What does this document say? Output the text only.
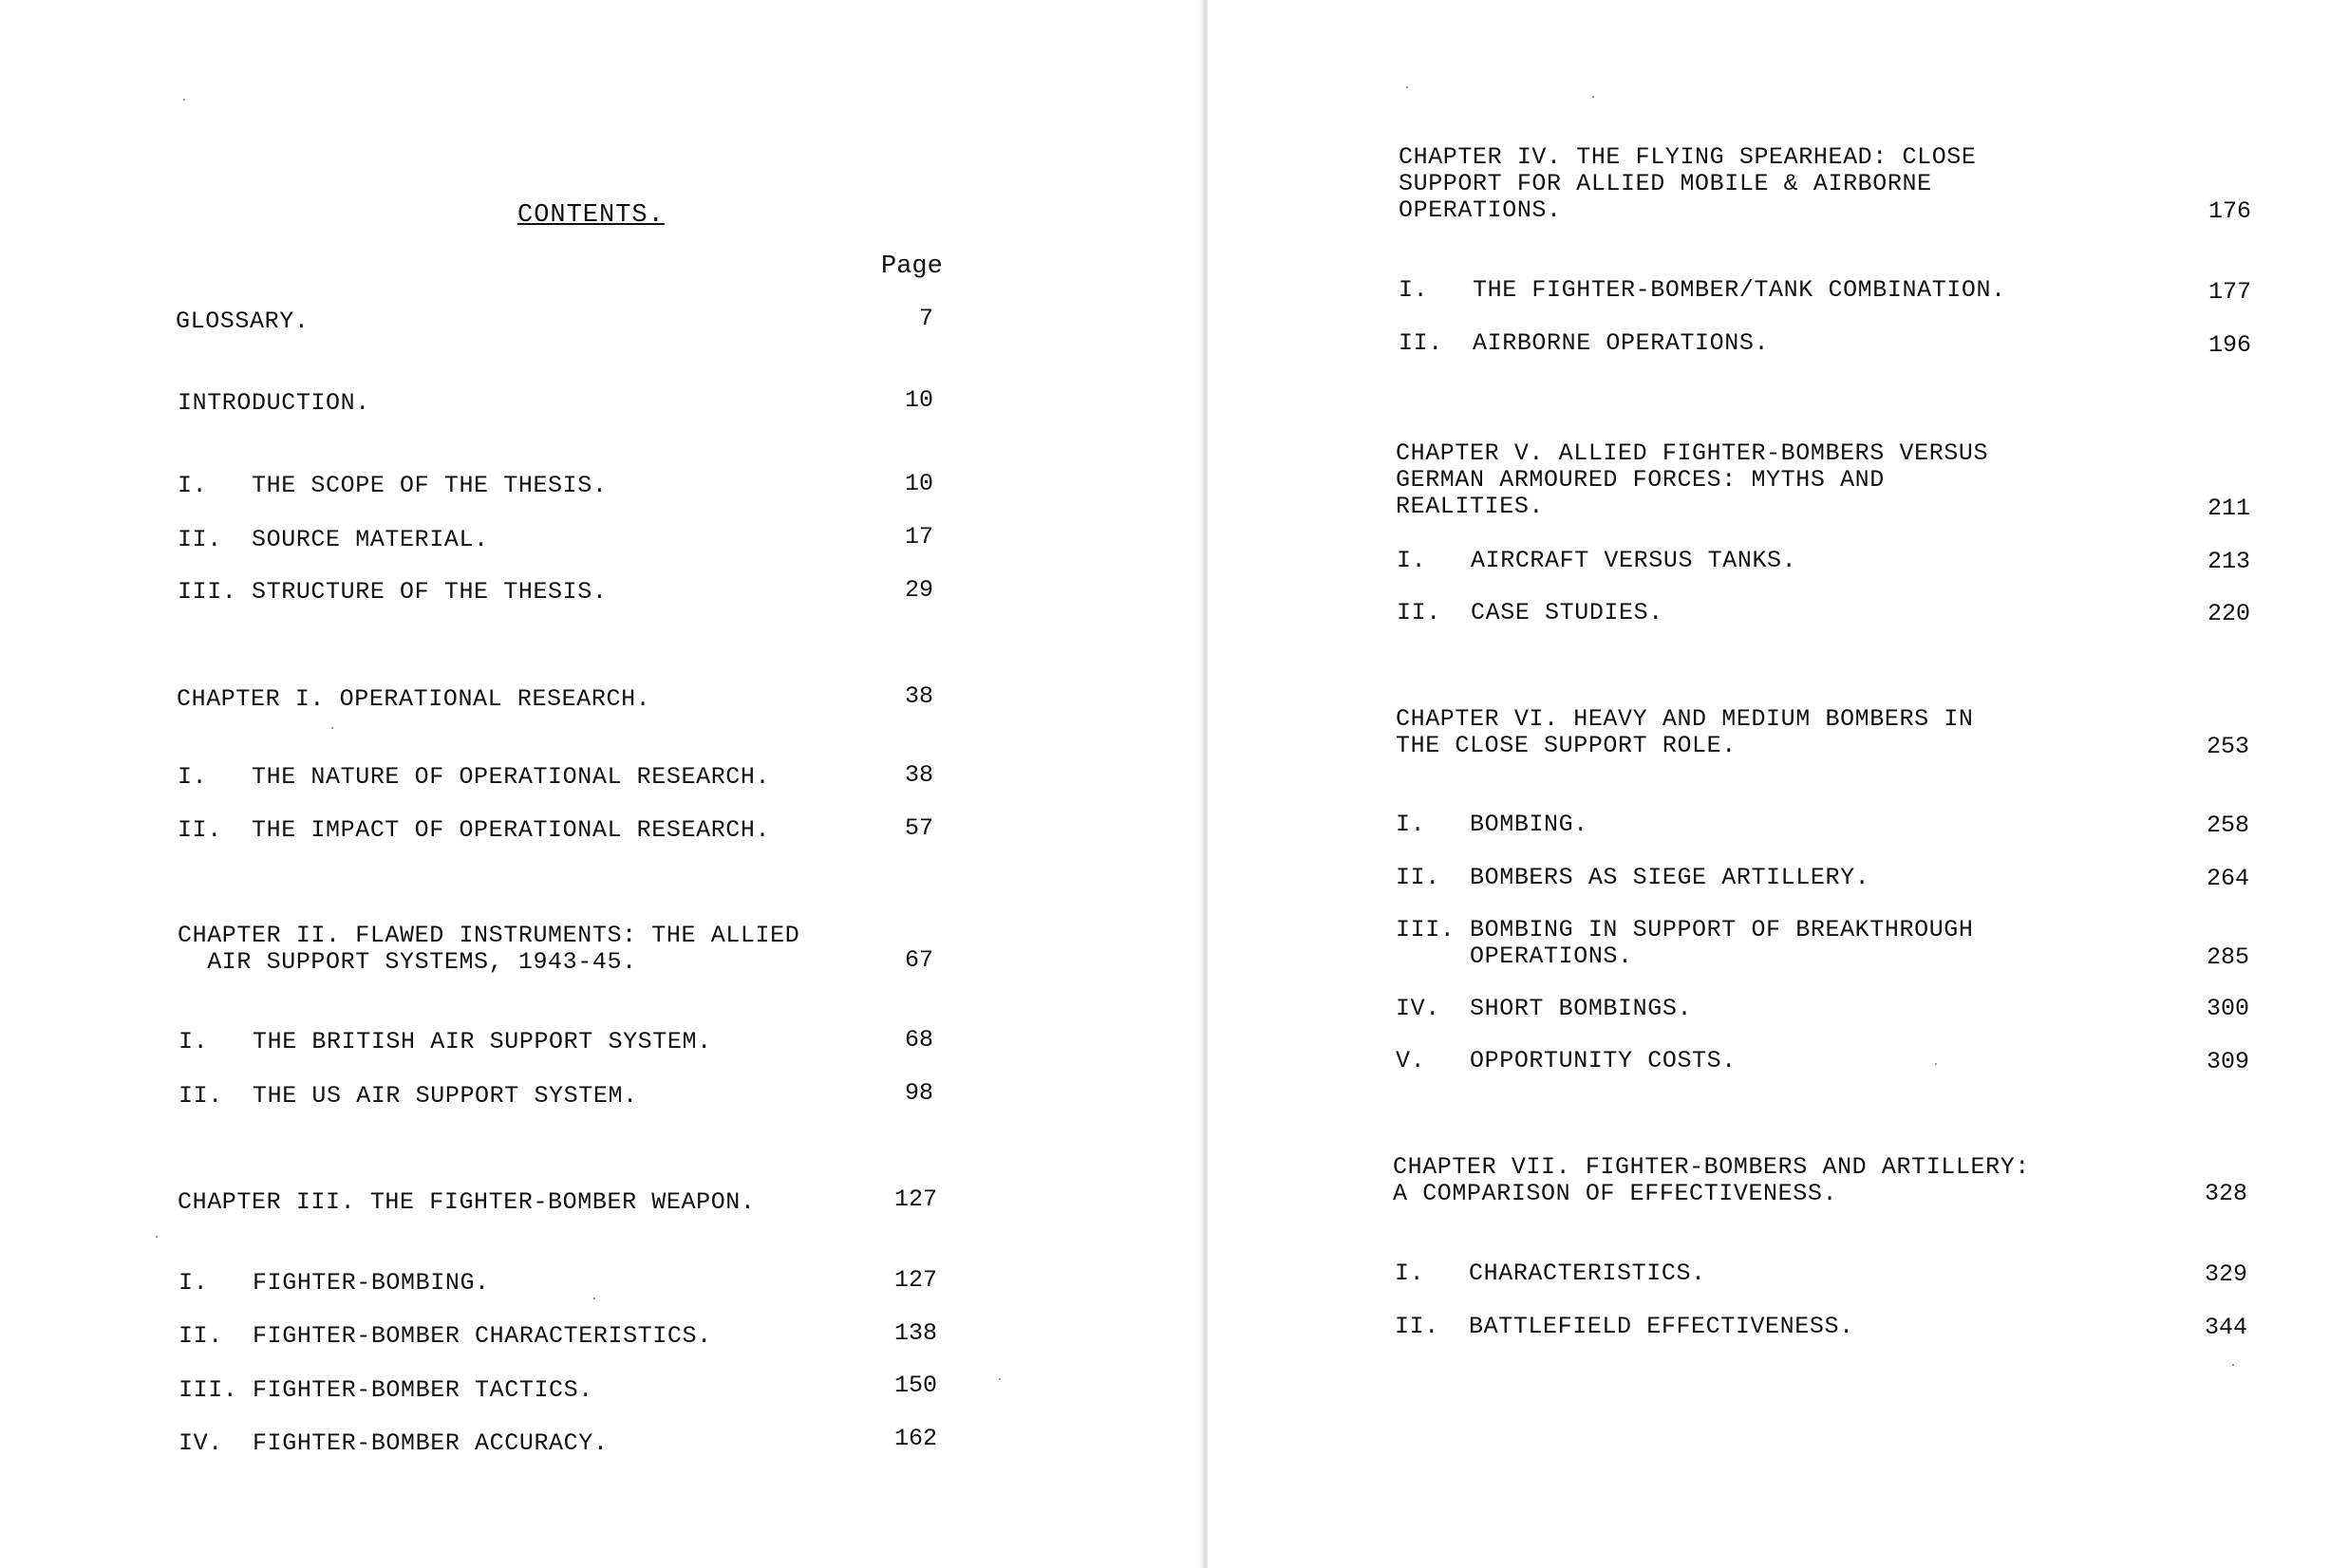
CONTENTS.
Page
GLOSSARY.	7
INTRODUCTION.	10
I.   THE SCOPE OF THE THESIS.	10
II.  SOURCE MATERIAL.	17
III. STRUCTURE OF THE THESIS.	29
CHAPTER I. OPERATIONAL RESEARCH.	38
I.   THE NATURE OF OPERATIONAL RESEARCH.	38
II.  THE IMPACT OF OPERATIONAL RESEARCH.	57
CHAPTER II. FLAWED INSTRUMENTS: THE ALLIED
AIR SUPPORT SYSTEMS, 1943-45.	67
I.   THE BRITISH AIR SUPPORT SYSTEM.	68
II.  THE US AIR SUPPORT SYSTEM.	98
CHAPTER III. THE FIGHTER-BOMBER WEAPON.	127
I.   FIGHTER-BOMBING.	127
II.  FIGHTER-BOMBER CHARACTERISTICS.	138
III. FIGHTER-BOMBER TACTICS.	150
IV.  FIGHTER-BOMBER ACCURACY.	162
CHAPTER IV. THE FLYING SPEARHEAD: CLOSE
SUPPORT FOR ALLIED MOBILE & AIRBORNE
OPERATIONS.	176
I.   THE FIGHTER-BOMBER/TANK COMBINATION.	177
II.  AIRBORNE OPERATIONS.	196
CHAPTER V. ALLIED FIGHTER-BOMBERS VERSUS
GERMAN ARMOURED FORCES: MYTHS AND
REALITIES.	211
I.   AIRCRAFT VERSUS TANKS.	213
II.  CASE STUDIES.	220
CHAPTER VI. HEAVY AND MEDIUM BOMBERS IN
THE CLOSE SUPPORT ROLE.	253
I.   BOMBING.	258
II.  BOMBERS AS SIEGE ARTILLERY.	264
III. BOMBING IN SUPPORT OF BREAKTHROUGH
OPERATIONS.	285
IV.  SHORT BOMBINGS.	300
V.   OPPORTUNITY COSTS.	309
CHAPTER VII. FIGHTER-BOMBERS AND ARTILLERY:
A COMPARISON OF EFFECTIVENESS.	328
I.   CHARACTERISTICS.	329
II.  BATTLEFIELD EFFECTIVENESS.	344
